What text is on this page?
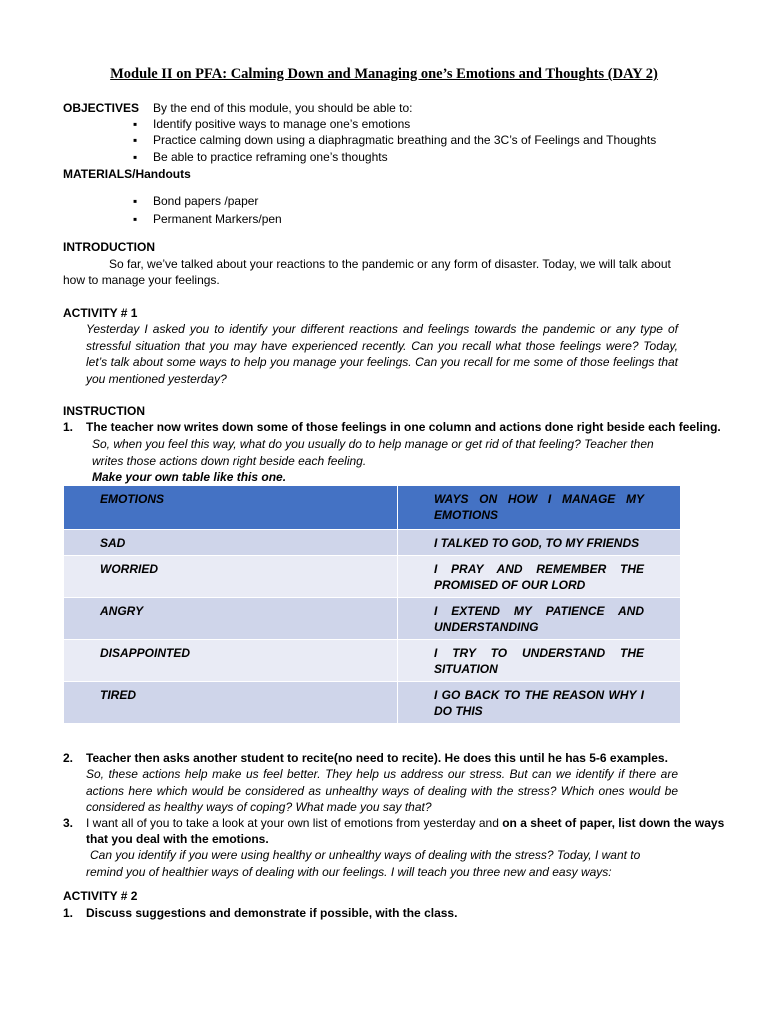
Module II on PFA: Calming Down and Managing one’s Emotions and Thoughts (DAY 2)
OBJECTIVES By the end of this module, you should be able to:
▪ Identify positive ways to manage one’s emotions
▪ Practice calming down using a diaphragmatic breathing and the 3C’s of Feelings and Thoughts
▪ Be able to practice reframing one’s thoughts
MATERIALS/Handouts
▪ Bond papers /paper
▪ Permanent Markers/pen
INTRODUCTION
So far, we’ve talked about your reactions to the pandemic or any form of disaster. Today, we will talk about
how to manage your feelings.
ACTIVITY # 1
Yesterday I asked you to identify your different reactions and feelings towards the pandemic or any type of stressful situation that you may have experienced recently. Can you recall what those feelings were? Today, let’s talk about some ways to help you manage your feelings. Can you recall for me some of those feelings that you mentioned yesterday?
INSTRUCTION
1. The teacher now writes down some of those feelings in one column and actions done right beside each feeling.
So, when you feel this way, what do you usually do to help manage or get rid of that feeling? Teacher then writes those actions down right beside each feeling.
Make your own table like this one.
EMOTIONS	WAYS ON HOW I MANAGE MY EMOTIONS
SAD	I TALKED TO GOD, TO MY FRIENDS
WORRIED	I PRAY AND REMEMBER THE PROMISED OF OUR LORD
ANGRY	I EXTEND MY PATIENCE AND UNDERSTANDING
DISAPPOINTED	I TRY TO UNDERSTAND THE SITUATION
TIRED	I GO BACK TO THE REASON WHY I DO THIS
2. Teacher then asks another student to recite(no need to recite). He does this until he has 5-6 examples.
So, these actions help make us feel better. They help us address our stress. But can we identify if there are actions here which would be considered as unhealthy ways of dealing with the stress? Which ones would be considered as healthy ways of coping? What made you say that?
3. I want all of you to take a look at your own list of emotions from yesterday and on a sheet of paper, list down the ways
that you deal with the emotions.
Can you identify if you were using healthy or unhealthy ways of dealing with the stress? Today, I want to remind you of healthier ways of dealing with our feelings. I will teach you three new and easy ways:
ACTIVITY # 2
1. Discuss suggestions and demonstrate if possible, with the class.
